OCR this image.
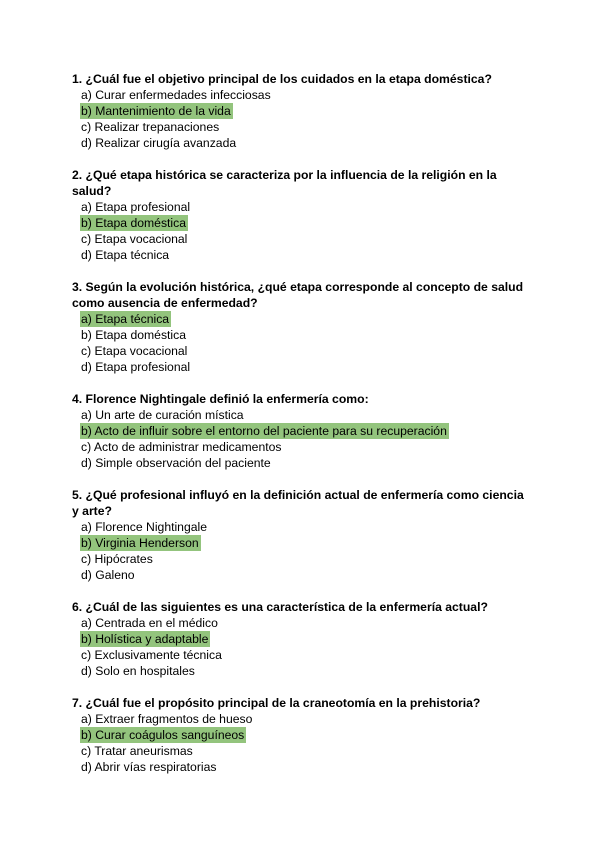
1. ¿Cuál fue el objetivo principal de los cuidados en la etapa doméstica?

a) Curar enfermedades infecciosas
b) Mantenimiento de la vida
c) Realizar trepanaciones
d) Realizar cirugía avanzada

2. ¿Qué etapa histórica se caracteriza por la influencia de la religión en la salud?

a) Etapa profesional
b) Etapa doméstica
c) Etapa vocacional
d) Etapa técnica

3. Según la evolución histórica, ¿qué etapa corresponde al concepto de salud como ausencia de enfermedad?

a) Etapa técnica
b) Etapa doméstica
c) Etapa vocacional
d) Etapa profesional

4. Florence Nightingale definió la enfermería como:

a) Un arte de curación mística
b) Acto de influir sobre el entorno del paciente para su recuperación
c) Acto de administrar medicamentos
d) Simple observación del paciente

5. ¿Qué profesional influyó en la definición actual de enfermería como ciencia y arte?

a) Florence Nightingale
b) Virginia Henderson
c) Hipócrates
d) Galeno

6. ¿Cuál de las siguientes es una característica de la enfermería actual?

a) Centrada en el médico
b) Holística y adaptable
c) Exclusivamente técnica
d) Solo en hospitales

7. ¿Cuál fue el propósito principal de la craneotomía en la prehistoria?

a) Extraer fragmentos de hueso
b) Curar coágulos sanguíneos
c) Tratar aneurismas
d) Abrir vías respiratorias
